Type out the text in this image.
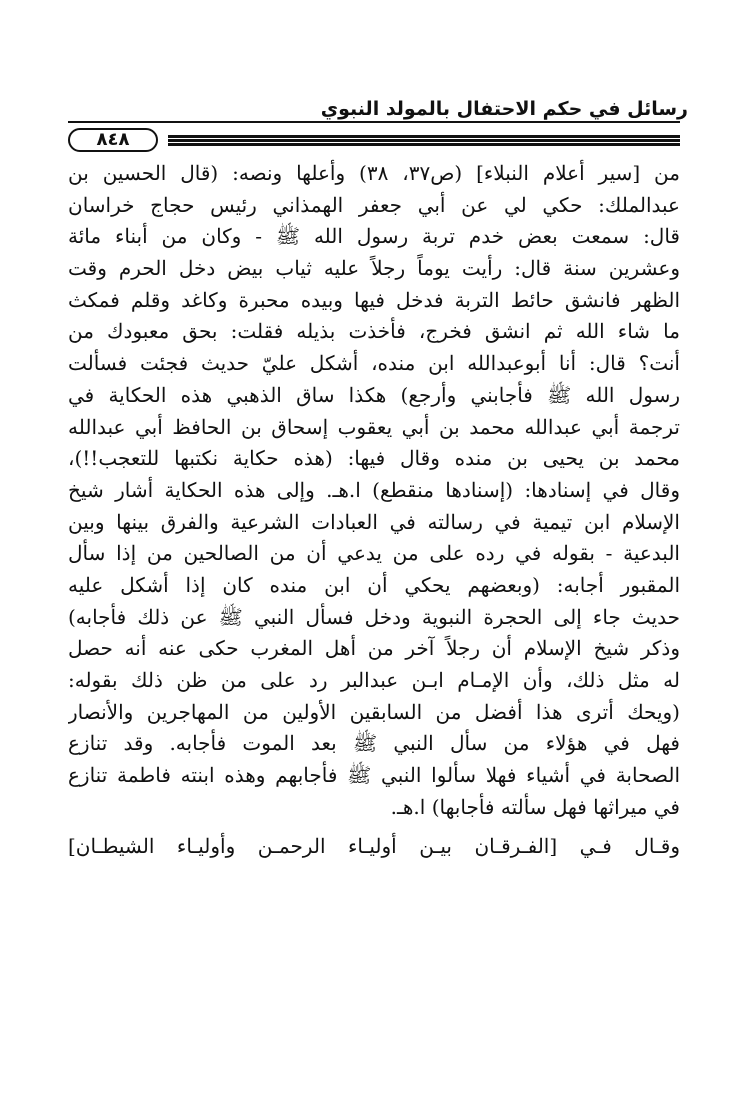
رسائل في حكم الاحتفال بالمولد النبوي
٨٤٨
من [سير أعلام النبلاء] (ص٣٧، ٣٨) وأعلها ونصه: (قال الحسين بن
عبدالملك: حكي لي عن أبي جعفر الهمذاني رئيس حجاج خراسان
قال: سمعت بعض خدم تربة رسول الله ﷺ - وكان من أبناء مائة
وعشرين سنة قال: رأيت يوماً رجلاً عليه ثياب بيض دخل الحرم وقت
الظهر فانشق حائط التربة فدخل فيها وبيده محبرة وكاغد وقلم فمكث
ما شاء الله ثم انشق فخرج، فأخذت بذيله فقلت: بحق معبودك من
أنت؟ قال: أنا أبوعبدالله ابن منده، أشكل عليّ حديث فجئت فسألت
رسول الله ﷺ فأجابني وأرجع) هكذا ساق الذهبي هذه الحكاية في
ترجمة أبي عبدالله محمد بن أبي يعقوب إسحاق بن الحافظ أبي عبدالله
محمد بن يحيى بن منده وقال فيها: (هذه حكاية نكتبها للتعجب!!)،
وقال في إسنادها: (إسنادها منقطع) ا.هـ. وإلى هذه الحكاية أشار شيخ
الإسلام ابن تيمية في رسالته في العبادات الشرعية والفرق بينها وبين
البدعية - بقوله في رده على من يدعي أن من الصالحين من إذا سأل
المقبور أجابه: (وبعضهم يحكي أن ابن منده كان إذا أشكل عليه
حديث جاء إلى الحجرة النبوية ودخل فسأل النبي ﷺ عن ذلك فأجابه)
وذكر شيخ الإسلام أن رجلاً آخر من أهل المغرب حكى عنه أنه حصل
له مثل ذلك، وأن الإمـام ابـن عبدالبر رد على من ظن ذلك بقوله:
(ويحك أترى هذا أفضل من السابقين الأولين من المهاجرين والأنصار
فهل في هؤلاء من سأل النبي ﷺ بعد الموت فأجابه. وقد تنازع
الصحابة في أشياء فهلا سألوا النبي ﷺ فأجابهم وهذه ابنته فاطمة تنازع
في ميراثها فهل سألته فأجابها) ا.هـ.
وقـال فـي [الفـرقـان بيـن أوليـاء الرحمـن وأوليـاء الشيطـان]
